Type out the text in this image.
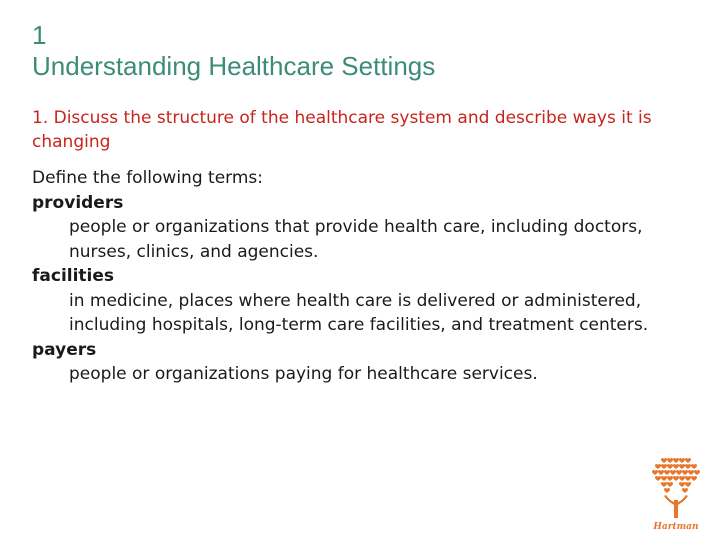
1
Understanding Healthcare Settings
1. Discuss the structure of the healthcare system and describe ways it is changing
Define the following terms:
providers
people or organizations that provide health care, including doctors, nurses, clinics, and agencies.
facilities
in medicine, places where health care is delivered or administered, including hospitals, long-term care facilities, and treatment centers.
payers
people or organizations paying for healthcare services.
Hartman
